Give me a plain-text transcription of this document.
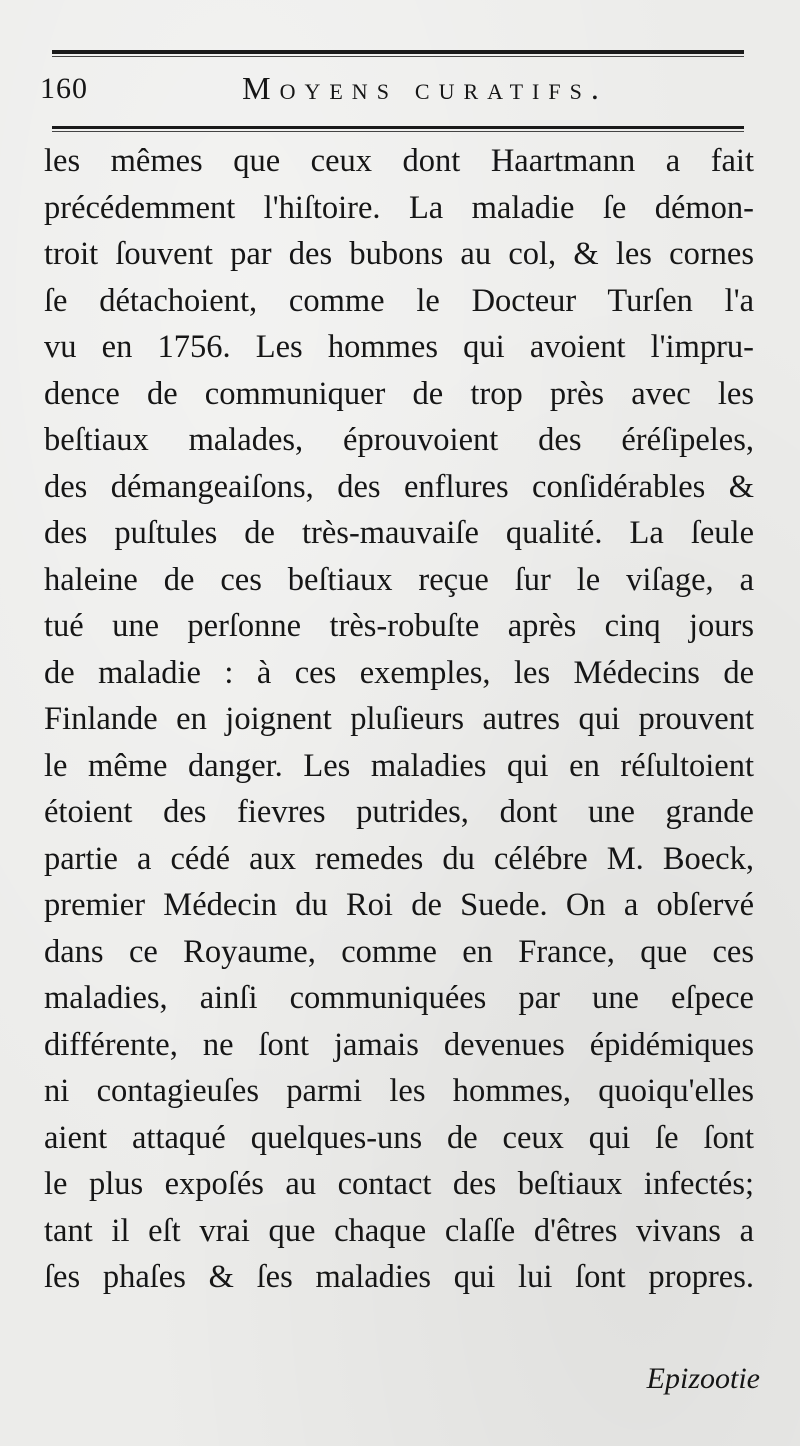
160	Moyens curatifs.
les mêmes que ceux dont Haartmann a fait
précédemment l'hiſtoire. La maladie ſe démon-
troit ſouvent par des bubons au col, & les cornes
ſe détachoient, comme le Docteur Turſen l'a
vu en 1756. Les hommes qui avoient l'impru-
dence de communiquer de trop près avec les
beſtiaux malades, éprouvoient des éréſipeles,
des démangeaiſons, des enflures conſidérables &
des puſtules de très-mauvaiſe qualité. La ſeule
haleine de ces beſtiaux reçue ſur le viſage, a
tué une perſonne très-robuſte après cinq jours
de maladie : à ces exemples, les Médecins de
Finlande en joignent pluſieurs autres qui prouvent
le même danger. Les maladies qui en réſultoient
étoient des fievres putrides, dont une grande
partie a cédé aux remedes du célébre M. Boeck,
premier Médecin du Roi de Suede. On a obſervé
dans ce Royaume, comme en France, que ces
maladies, ainſi communiquées par une eſpece
différente, ne ſont jamais devenues épidémiques
ni contagieuſes parmi les hommes, quoiqu'elles
aient attaqué quelques-uns de ceux qui ſe ſont
le plus expoſés au contact des beſtiaux infectés;
tant il eſt vrai que chaque claſſe d'êtres vivans a
ſes phaſes & ſes maladies qui lui ſont propres.
Epizootie
